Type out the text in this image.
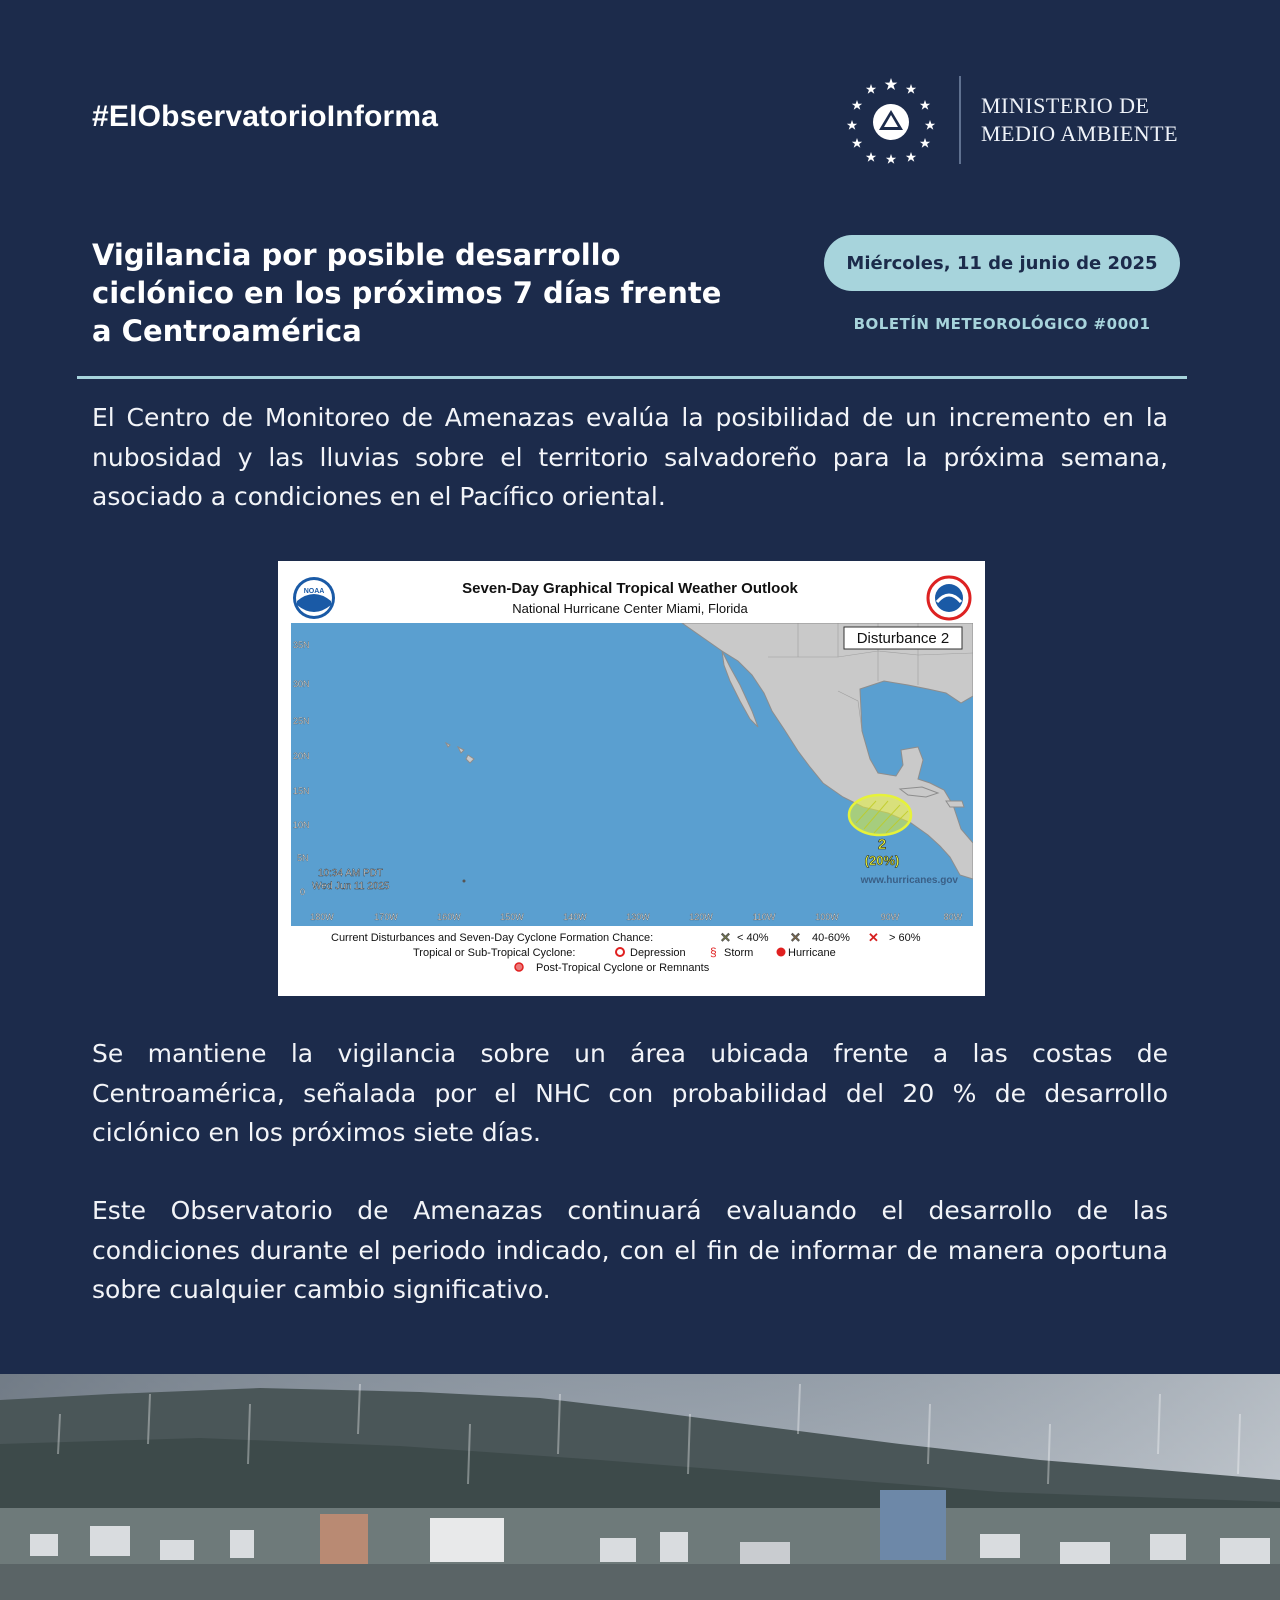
#ElObservatorioInforma	MINISTERIO DE
MEDIO AMBIENTE
Vigilancia por posible desarrollo
ciclónico en los próximos 7 días frente
a Centroamérica
Miércoles, 11 de junio de 2025
BOLETÍN METEOROLÓGICO #0001
El Centro de Monitoreo de Amenazas evalúa la posibilidad de un incremento en la nubosidad y las lluvias sobre el territorio salvadoreño para la próxima semana, asociado a condiciones en el Pacífico oriental.
NOAA	Seven-Day Graphical Tropical Weather Outlook
National Hurricane Center Miami, Florida
35N
30N
25N
20N
15N
10N
5N
0
180W	170W	160W	150W	140W	130W	120W	110W	100W	90W	80W
Disturbance 2
2
(20%)
10:34 AM PDT
Wed Jun 11 2025
www.hurricanes.gov
Current Disturbances and Seven-Day Cyclone Formation Chance:	✕ < 40% ✕ 40-60% ✕ > 60%
Tropical or Sub-Tropical Cyclone:	Depression § Storm	Hurricane
Post-Tropical Cyclone or Remnants
Se mantiene la vigilancia sobre un área ubicada frente a las costas de Centroamérica, señalada por el NHC con probabilidad del 20 % de desarrollo ciclónico en los próximos siete días.
Este Observatorio de Amenazas continuará evaluando el desarrollo de las condiciones durante el periodo indicado, con el fin de informar de manera oportuna sobre cualquier cambio significativo.
